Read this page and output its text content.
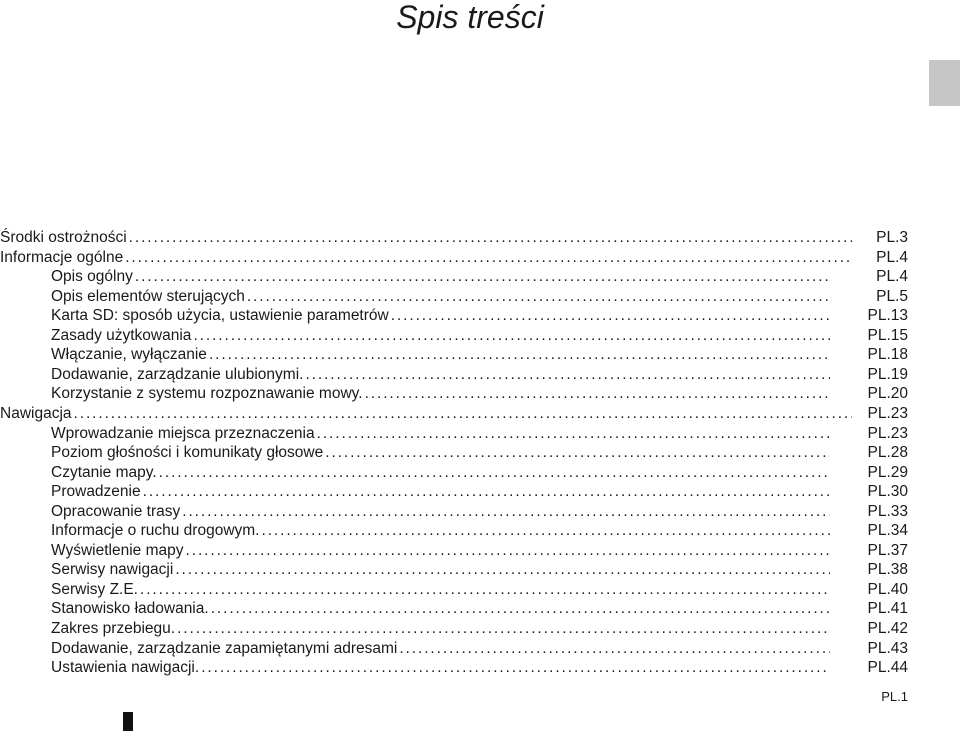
Spis treści
Środki ostrożności . . .	PL.3
Informacje ogólne . . .	PL.4
Opis ogólny . . .	PL.4
Opis elementów sterujących . . .	PL.5
Karta SD: sposób użycia, ustawienie parametrów . . .	PL.13
Zasady użytkowania . . .	PL.15
Włączanie, wyłączanie . . .	PL.18
Dodawanie, zarządzanie ulubionymi. . . .	PL.19
Korzystanie z systemu rozpoznawanie mowy. . . .	PL.20
Nawigacja . . .	PL.23
Wprowadzanie miejsca przeznaczenia . . .	PL.23
Poziom głośności i komunikaty głosowe . . .	PL.28
Czytanie mapy. . . .	PL.29
Prowadzenie . . .	PL.30
Opracowanie trasy . . .	PL.33
Informacje o ruchu drogowym. . . .	PL.34
Wyświetlenie mapy . . .	PL.37
Serwisy nawigacji . . .	PL.38
Serwisy Z.E. . . .	PL.40
Stanowisko ładowania. . . .	PL.41
Zakres przebiegu. . . .	PL.42
Dodawanie, zarządzanie zapamiętanymi adresami . . .	PL.43
Ustawienia nawigacji. . . .	PL.44
PL.1
